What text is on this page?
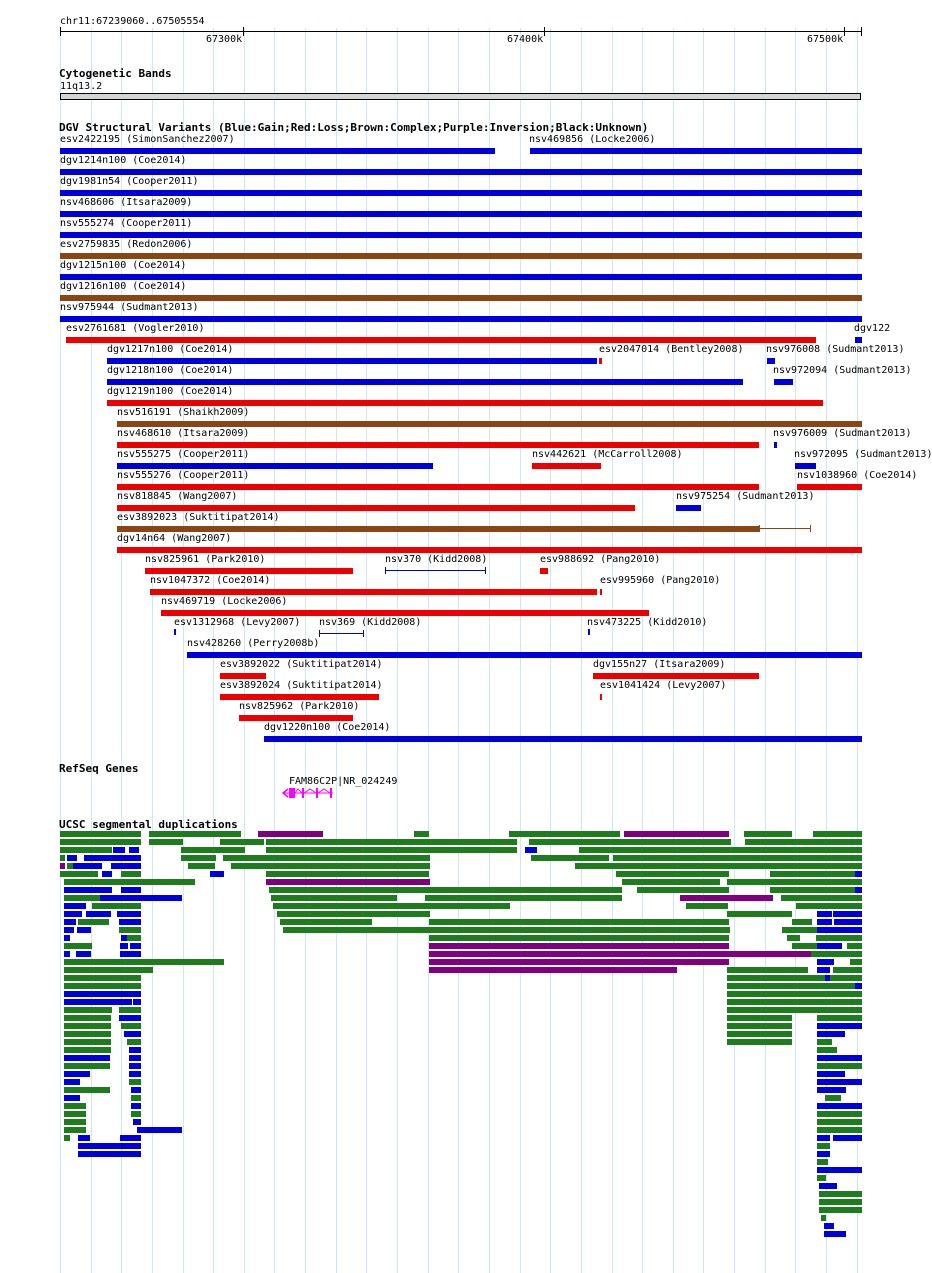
chr11:67239060..67505554
67300k	67400k	67500k
Cytogenetic Bands
11q13.2
DGV Structural Variants (Blue:Gain;Red:Loss;Brown:Complex;Purple:Inversion;Black:Unknown)
esv2422195 (SimonSanchez2007)	nsv469856 (Locke2006)
dgv1214n100 (Coe2014)
dgv1981n54 (Cooper2011)
nsv468606 (Itsara2009)
nsv555274 (Cooper2011)
esv2759835 (Redon2006)
dgv1215n100 (Coe2014)
dgv1216n100 (Coe2014)
nsv975944 (Sudmant2013)
esv2761681 (Vogler2010)	dgv122
dgv1217n100 (Coe2014)	esv2047014 (Bentley2008) nsv976008 (Sudmant2013)
dgv1218n100 (Coe2014)	nsv972094 (Sudmant2013)
dgv1219n100 (Coe2014)
nsv516191 (Shaikh2009)
nsv468610 (Itsara2009)	nsv976009 (Sudmant2013)
nsv555275 (Cooper2011)	nsv442621 (McCarroll2008)	nsv972095 (Sudmant2013)
nsv555276 (Cooper2011)	nsv1038960 (Coe2014)
nsv818845 (Wang2007)	nsv975254 (Sudmant2013)
esv3892023 (Suktitipat2014)
dgv14n64 (Wang2007)
nsv825961 (Park2010)	nsv370 (Kidd2008)	esv988692 (Pang2010)
nsv1047372 (Coe2014)	esv995960 (Pang2010)
nsv469719 (Locke2006)
esv1312968 (Levy2007) nsv369 (Kidd2008)	nsv473225 (Kidd2010)
nsv428260 (Perry2008b)
esv3892022 (Suktitipat2014)	dgv155n27 (Itsara2009)
esv3892024 (Suktitipat2014)	esv1041424 (Levy2007)
nsv825962 (Park2010)
dgv1220n100 (Coe2014)
RefSeq Genes
FAM86C2P|NR_024249
UCSC segmental duplications
